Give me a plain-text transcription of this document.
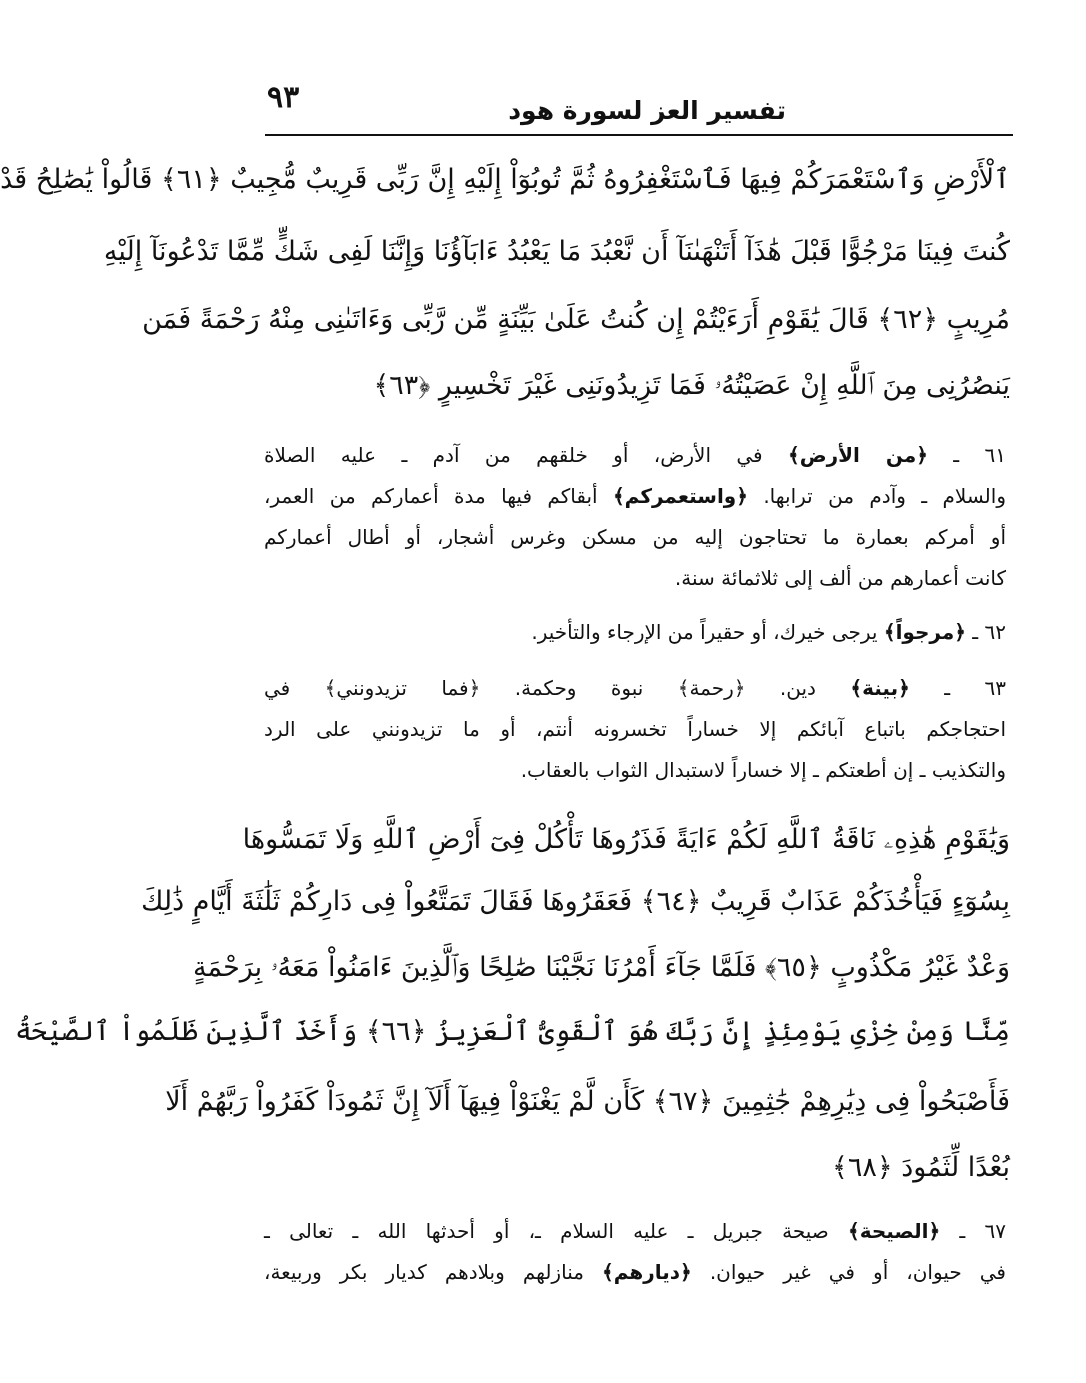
٩٣	تفسير العز لسورة هود
ٱلْأَرْضِ وَٱسْتَعْمَرَكُمْ فِيهَا فَٱسْتَغْفِرُوهُ ثُمَّ تُوبُوٓاْ إِلَيْهِ إِنَّ رَبِّى قَرِيبٌ مُّجِيبٌ ﴿٦١﴾ قَالُواْ يَٰصَٰلِحُ قَدْ
كُنتَ فِينَا مَرْجُوًّا قَبْلَ هَٰذَآ أَتَنْهَىٰنَآ أَن نَّعْبُدَ مَا يَعْبُدُ ءَابَآؤُنَا وَإِنَّنَا لَفِى شَكٍّ مِّمَّا تَدْعُونَآ إِلَيْهِ
مُرِيبٍ ﴿٦٢﴾ قَالَ يَٰقَوْمِ أَرَءَيْتُمْ إِن كُنتُ عَلَىٰ بَيِّنَةٍ مِّن رَّبِّى وَءَاتَىٰنِى مِنْهُ رَحْمَةً فَمَن
يَنصُرُنِى مِنَ ٱللَّهِ إِنْ عَصَيْتُهُۥ فَمَا تَزِيدُونَنِى غَيْرَ تَخْسِيرٍ ﴿٦٣﴾
٦١ ـ ﴿من الأرض﴾ في الأرض، أو خلقهم من آدم ـ عليه الصلاة
والسلام ـ وآدم من ترابها. ﴿واستعمركم﴾ أبقاكم فيها مدة أعماركم من العمر،
أو أمركم بعمارة ما تحتاجون إليه من مسكن وغرس أشجار، أو أطال أعماركم
كانت أعمارهم من ألف إلى ثلاثمائة سنة.
٦٢ ـ ﴿مرجواً﴾ يرجى خيرك، أو حقيراً من الإرجاء والتأخير.
٦٣ ـ ﴿بينة﴾ دين. ﴿رحمة﴾ نبوة وحكمة. ﴿فما تزيدونني﴾ في
احتجاجكم باتباع آبائكم إلا خساراً تخسرونه أنتم، أو ما تزيدونني على الرد
والتكذيب ـ إن أطعتكم ـ إلا خساراً لاستبدال الثواب بالعقاب.
وَيَٰقَوْمِ هَٰذِهِۦ نَاقَةُ ٱللَّهِ لَكُمْ ءَايَةً فَذَرُوهَا تَأْكُلْ فِىٓ أَرْضِ ٱللَّهِ وَلَا تَمَسُّوهَا
بِسُوٓءٍ فَيَأْخُذَكُمْ عَذَابٌ قَرِيبٌ ﴿٦٤﴾ فَعَقَرُوهَا فَقَالَ تَمَتَّعُواْ فِى دَارِكُمْ ثَلَٰثَةَ أَيَّامٍ ذَٰلِكَ
وَعْدٌ غَيْرُ مَكْذُوبٍ ﴿٦٥﴾ فَلَمَّا جَآءَ أَمْرُنَا نَجَّيْنَا صَٰلِحًا وَٱلَّذِينَ ءَامَنُواْ مَعَهُۥ بِرَحْمَةٍ
مِّنَّا وَمِنْ خِزْىِ يَوْمِئِذٍ إِنَّ رَبَّكَ هُوَ ٱلْقَوِىُّ ٱلْعَزِيزُ ﴿٦٦﴾ وَأَخَذَ ٱلَّذِينَ ظَلَمُواْ ٱلصَّيْحَةُ
فَأَصْبَحُواْ فِى دِيَٰرِهِمْ جَٰثِمِينَ ﴿٦٧﴾ كَأَن لَّمْ يَغْنَوْاْ فِيهَآ أَلَآ إِنَّ ثَمُودَاْ كَفَرُواْ رَبَّهُمْ أَلَا
بُعْدًا لِّثَمُودَ ﴿٦٨﴾
٦٧ ـ ﴿الصيحة﴾ صيحة جبريل ـ عليه السلام ـ، أو أحدثها الله ـ تعالى ـ
في حيوان، أو في غير حيوان. ﴿ديارهم﴾ منازلهم وبلادهم كديار بكر وربيعة،
